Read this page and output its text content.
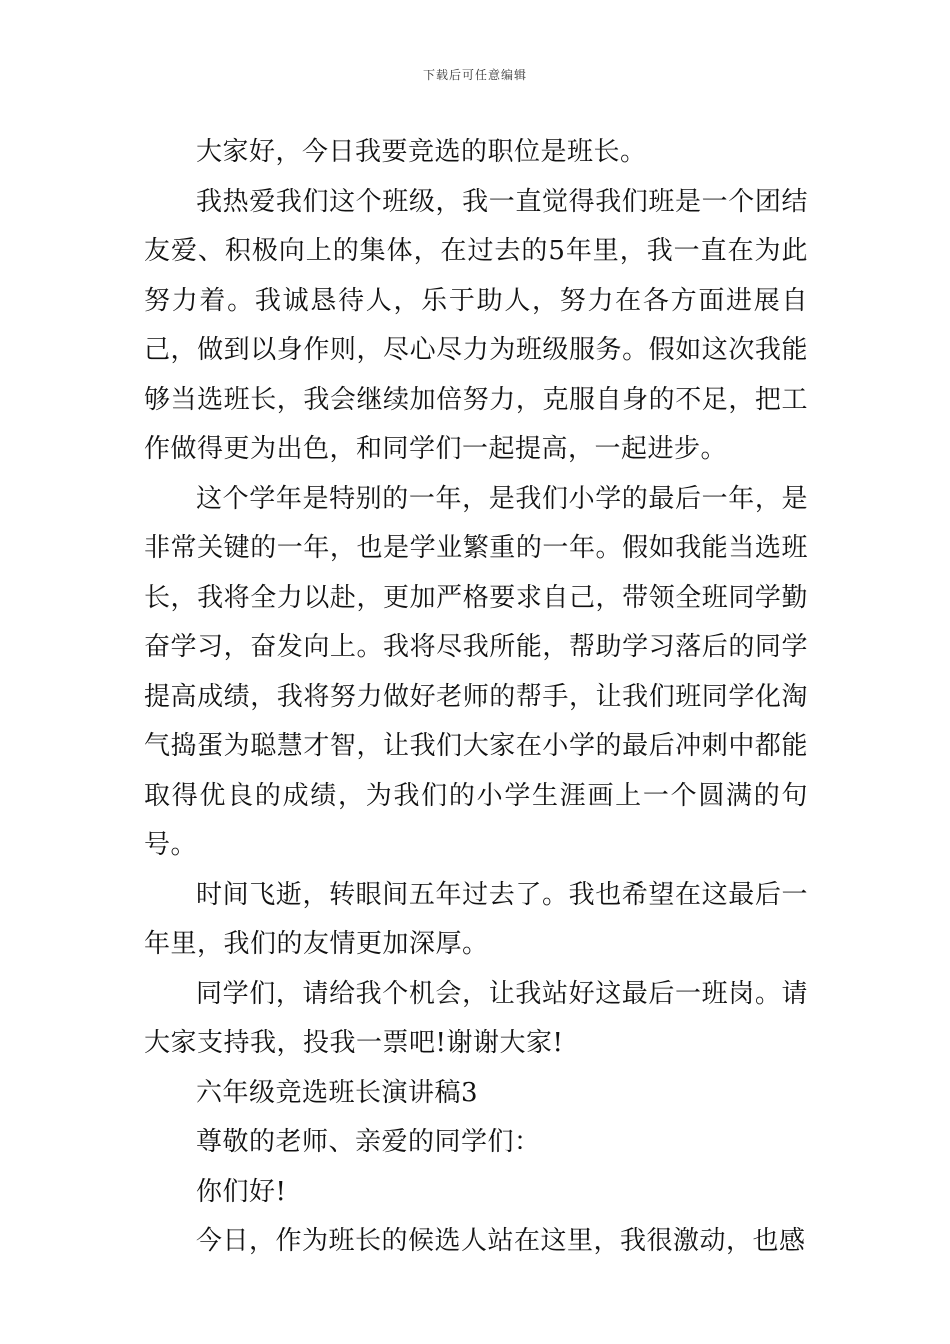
下载后可任意编辑

大家好，今日我要竞选的职位是班长。

我热爱我们这个班级，我一直觉得我们班是一个团结友爱、积极向上的集体，在过去的5年里，我一直在为此努力着。我诚恳待人，乐于助人，努力在各方面进展自己，做到以身作则，尽心尽力为班级服务。假如这次我能够当选班长，我会继续加倍努力，克服自身的不足，把工作做得更为出色，和同学们一起提高，一起进步。

这个学年是特别的一年，是我们小学的最后一年，是非常关键的一年，也是学业繁重的一年。假如我能当选班长，我将全力以赴，更加严格要求自己，带领全班同学勤奋学习，奋发向上。我将尽我所能，帮助学习落后的同学提高成绩，我将努力做好老师的帮手，让我们班同学化淘气捣蛋为聪慧才智，让我们大家在小学的最后冲刺中都能取得优良的成绩，为我们的小学生涯画上一个圆满的句号。

时间飞逝，转眼间五年过去了。我也希望在这最后一年里，我们的友情更加深厚。

同学们，请给我个机会，让我站好这最后一班岗。请大家支持我，投我一票吧!谢谢大家!

六年级竞选班长演讲稿3

尊敬的老师、亲爱的同学们：

你们好!

今日，作为班长的候选人站在这里，我很激动，也感
